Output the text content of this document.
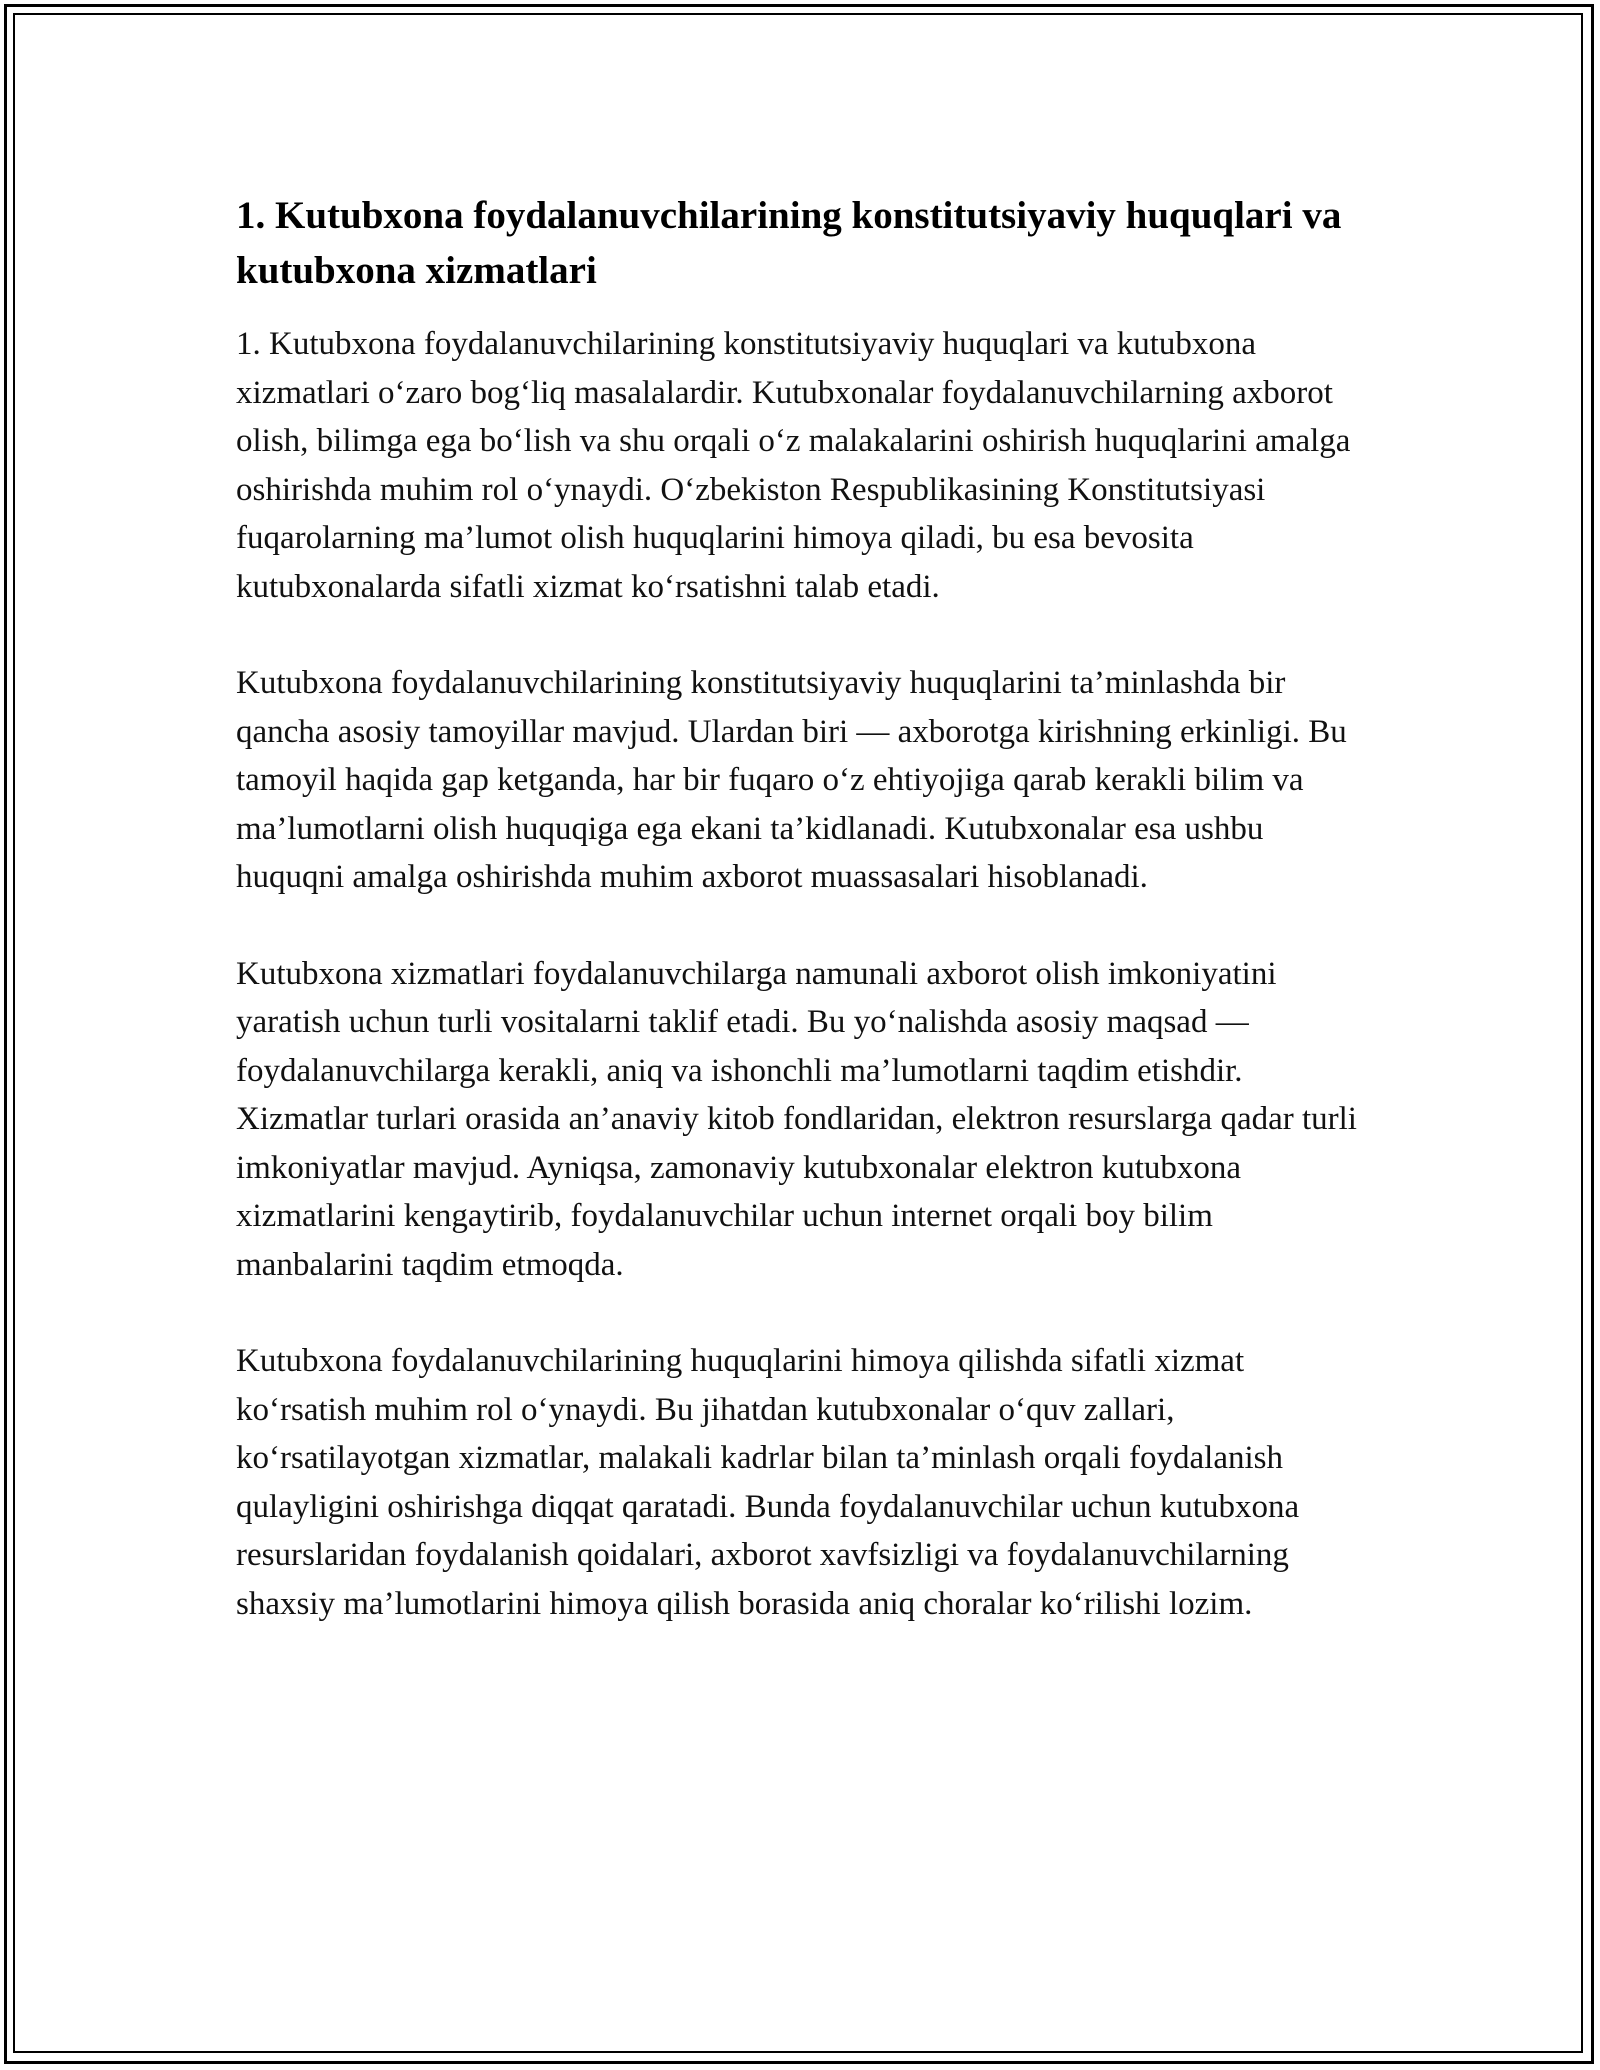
1. Kutubxona foydalanuvchilarining konstitutsiyaviy huquqlari va kutubxona xizmatlari

1. Kutubxona foydalanuvchilarining konstitutsiyaviy huquqlari va kutubxona xizmatlari o‘zaro bog‘liq masalalardir. Kutubxonalar foydalanuvchilarning axborot olish, bilimga ega bo‘lish va shu orqali o‘z malakalarini oshirish huquqlarini amalga oshirishda muhim rol o‘ynaydi. O‘zbekiston Respublikasining Konstitutsiyasi fuqarolarning ma’lumot olish huquqlarini himoya qiladi, bu esa bevosita kutubxonalarda sifatli xizmat ko‘rsatishni talab etadi.

Kutubxona foydalanuvchilarining konstitutsiyaviy huquqlarini ta’minlashda bir qancha asosiy tamoyillar mavjud. Ulardan biri — axborotga kirishning erkinligi. Bu tamoyil haqida gap ketganda, har bir fuqaro o‘z ehtiyojiga qarab kerakli bilim va ma’lumotlarni olish huquqiga ega ekani ta’kidlanadi. Kutubxonalar esa ushbu huquqni amalga oshirishda muhim axborot muassasalari hisoblanadi.

Kutubxona xizmatlari foydalanuvchilarga namunali axborot olish imkoniyatini yaratish uchun turli vositalarni taklif etadi. Bu yo‘nalishda asosiy maqsad — foydalanuvchilarga kerakli, aniq va ishonchli ma’lumotlarni taqdim etishdir. Xizmatlar turlari orasida an’anaviy kitob fondlaridan, elektron resurslarga qadar turli imkoniyatlar mavjud. Ayniqsa, zamonaviy kutubxonalar elektron kutubxona xizmatlarini kengaytirib, foydalanuvchilar uchun internet orqali boy bilim manbalarini taqdim etmoqda.

Kutubxona foydalanuvchilarining huquqlarini himoya qilishda sifatli xizmat ko‘rsatish muhim rol o‘ynaydi. Bu jihatdan kutubxonalar o‘quv zallari, ko‘rsatilayotgan xizmatlar, malakali kadrlar bilan ta’minlash orqali foydalanish qulayligini oshirishga diqqat qaratadi. Bunda foydalanuvchilar uchun kutubxona resurslaridan foydalanish qoidalari, axborot xavfsizligi va foydalanuvchilarning shaxsiy ma’lumotlarini himoya qilish borasida aniq choralar ko‘rilishi lozim.
